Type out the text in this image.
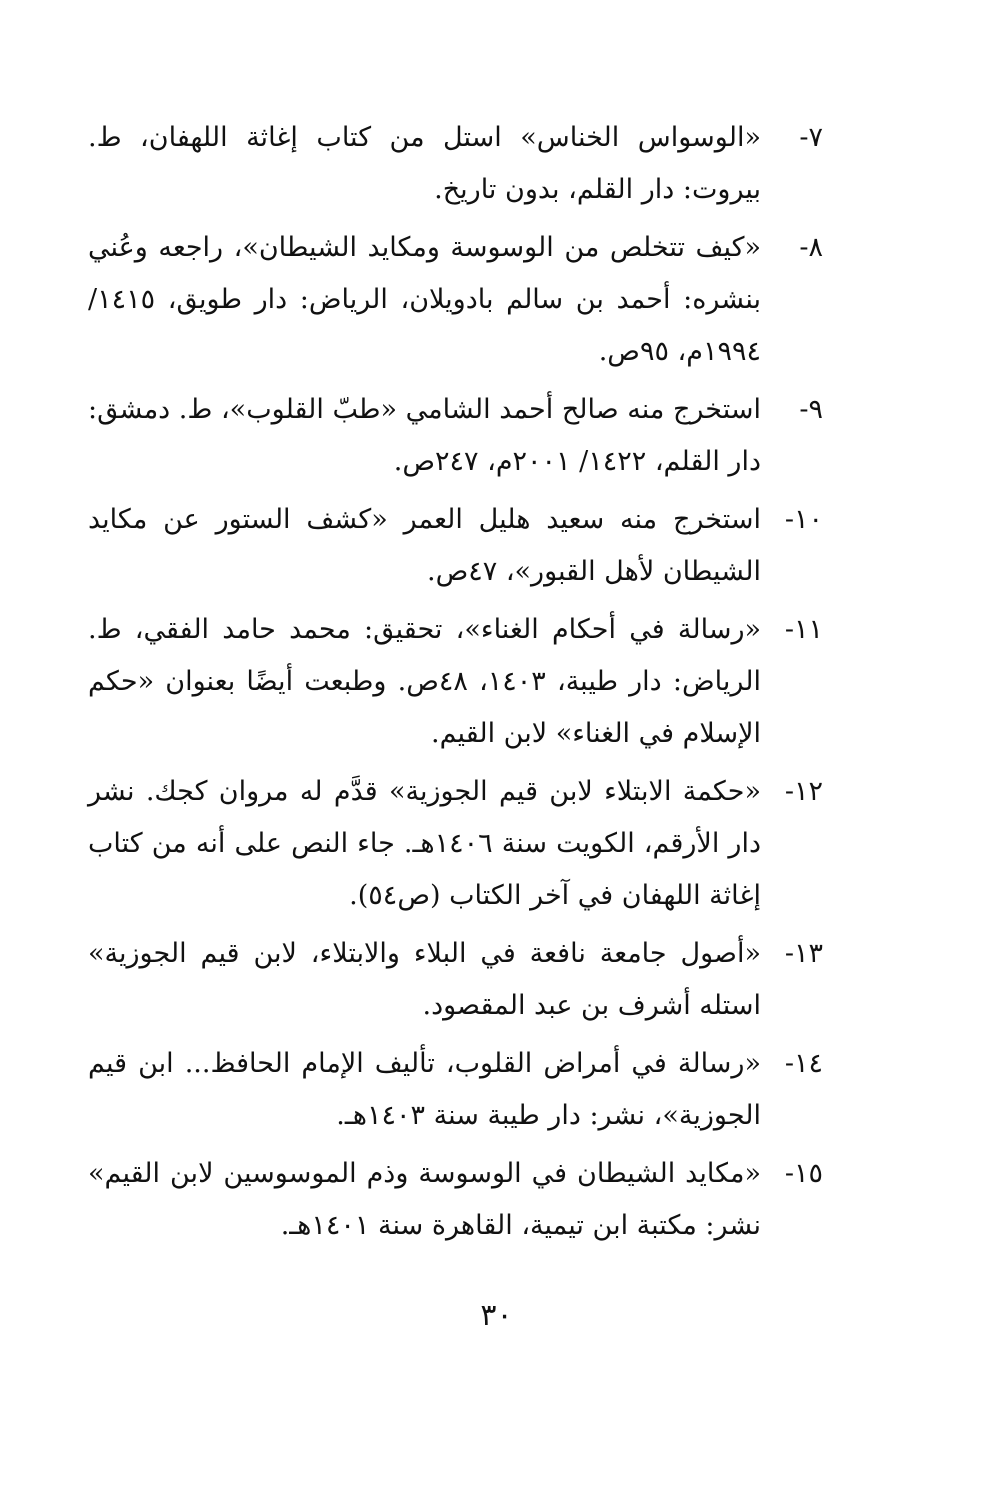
٧-
«الوسواس الخناس» استل من كتاب إغاثة اللهفان، ط. بيروت: دار القلم، بدون تاريخ.
٨-
«كيف تتخلص من الوسوسة ومكايد الشيطان»، راجعه وعُني بنشره: أحمد بن سالم بادويلان، الرياض: دار طويق، ١٤١٥/ ١٩٩٤م، ٩٥ص.
٩-
استخرج منه صالح أحمد الشامي «طبّ القلوب»، ط. دمشق: دار القلم، ١٤٢٢/ ٢٠٠١م، ٢٤٧ص.
١٠-
استخرج منه سعيد هليل العمر «كشف الستور عن مكايد الشيطان لأهل القبور»، ٤٧ص.
١١-
«رسالة في أحكام الغناء»، تحقيق: محمد حامد الفقي، ط. الرياض: دار طيبة، ١٤٠٣، ٤٨ص. وطبعت أيضًا بعنوان «حكم الإسلام في الغناء» لابن القيم.
١٢-
«حكمة الابتلاء لابن قيم الجوزية» قدَّم له مروان كجك. نشر دار الأرقم، الكويت سنة ١٤٠٦هـ. جاء النص على أنه من كتاب إغاثة اللهفان في آخر الكتاب (ص٥٤).
١٣-
«أصول جامعة نافعة في البلاء والابتلاء، لابن قيم الجوزية» استله أشرف بن عبد المقصود.
١٤-
«رسالة في أمراض القلوب، تأليف الإمام الحافظ... ابن قيم الجوزية»، نشر: دار طيبة سنة ١٤٠٣هـ.
١٥-
«مكايد الشيطان في الوسوسة وذم الموسوسين لابن القيم» نشر: مكتبة ابن تيمية، القاهرة سنة ١٤٠١هـ.
٣٠
